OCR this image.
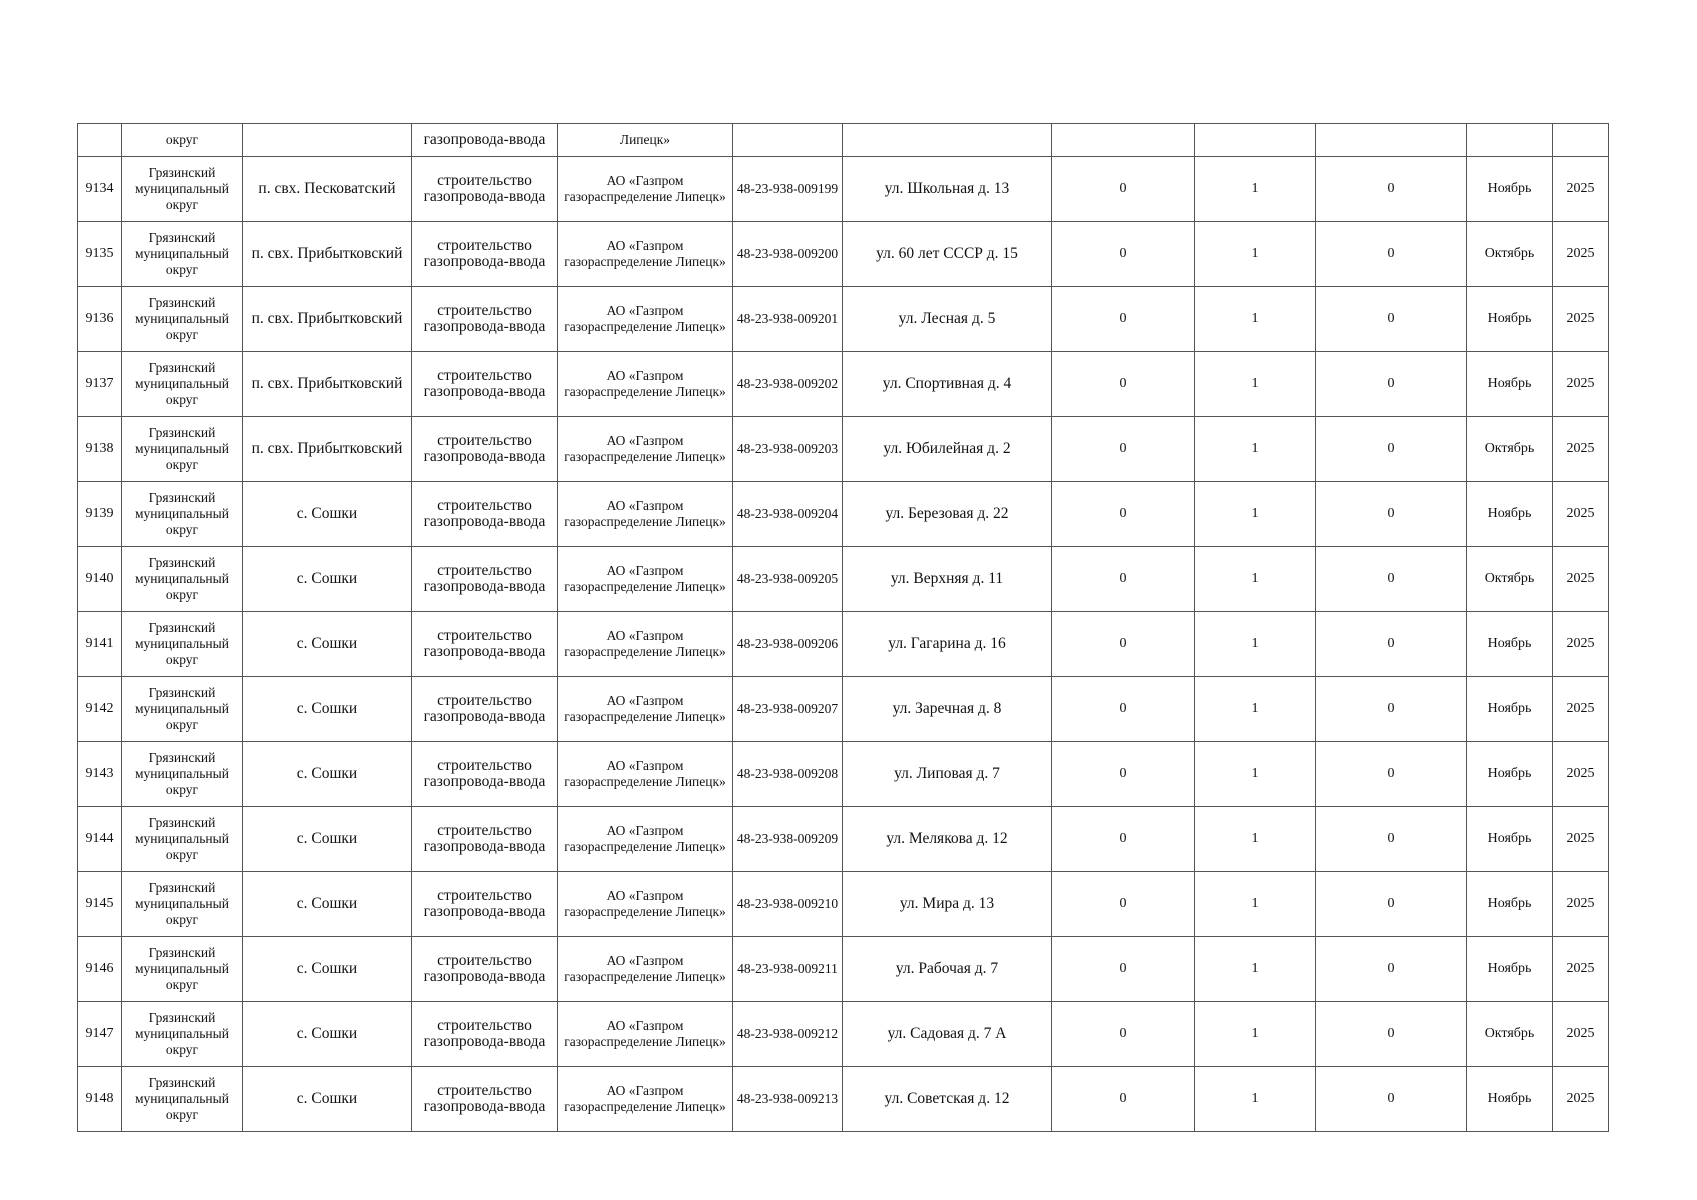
	округ		газопровода-ввода	Липецк»							
9134	Грязинский муниципальный округ	п. свх. Песковатский	строительство газопровода-ввода	АО «Газпром газораспределение Липецк»	48-23-938-009199	ул. Школьная д. 13	0	1	0	Ноябрь	2025
9135	Грязинский муниципальный округ	п. свх. Прибытковский	строительство газопровода-ввода	АО «Газпром газораспределение Липецк»	48-23-938-009200	ул. 60 лет СССР д. 15	0	1	0	Октябрь	2025
9136	Грязинский муниципальный округ	п. свх. Прибытковский	строительство газопровода-ввода	АО «Газпром газораспределение Липецк»	48-23-938-009201	ул. Лесная д. 5	0	1	0	Ноябрь	2025
9137	Грязинский муниципальный округ	п. свх. Прибытковский	строительство газопровода-ввода	АО «Газпром газораспределение Липецк»	48-23-938-009202	ул. Спортивная д. 4	0	1	0	Ноябрь	2025
9138	Грязинский муниципальный округ	п. свх. Прибытковский	строительство газопровода-ввода	АО «Газпром газораспределение Липецк»	48-23-938-009203	ул. Юбилейная д. 2	0	1	0	Октябрь	2025
9139	Грязинский муниципальный округ	с. Сошки	строительство газопровода-ввода	АО «Газпром газораспределение Липецк»	48-23-938-009204	ул. Березовая д. 22	0	1	0	Ноябрь	2025
9140	Грязинский муниципальный округ	с. Сошки	строительство газопровода-ввода	АО «Газпром газораспределение Липецк»	48-23-938-009205	ул. Верхняя д. 11	0	1	0	Октябрь	2025
9141	Грязинский муниципальный округ	с. Сошки	строительство газопровода-ввода	АО «Газпром газораспределение Липецк»	48-23-938-009206	ул. Гагарина д. 16	0	1	0	Ноябрь	2025
9142	Грязинский муниципальный округ	с. Сошки	строительство газопровода-ввода	АО «Газпром газораспределение Липецк»	48-23-938-009207	ул. Заречная д. 8	0	1	0	Ноябрь	2025
9143	Грязинский муниципальный округ	с. Сошки	строительство газопровода-ввода	АО «Газпром газораспределение Липецк»	48-23-938-009208	ул. Липовая д. 7	0	1	0	Ноябрь	2025
9144	Грязинский муниципальный округ	с. Сошки	строительство газопровода-ввода	АО «Газпром газораспределение Липецк»	48-23-938-009209	ул. Мелякова д. 12	0	1	0	Ноябрь	2025
9145	Грязинский муниципальный округ	с. Сошки	строительство газопровода-ввода	АО «Газпром газораспределение Липецк»	48-23-938-009210	ул. Мира д. 13	0	1	0	Ноябрь	2025
9146	Грязинский муниципальный округ	с. Сошки	строительство газопровода-ввода	АО «Газпром газораспределение Липецк»	48-23-938-009211	ул. Рабочая д. 7	0	1	0	Ноябрь	2025
9147	Грязинский муниципальный округ	с. Сошки	строительство газопровода-ввода	АО «Газпром газораспределение Липецк»	48-23-938-009212	ул. Садовая д. 7 А	0	1	0	Октябрь	2025
9148	Грязинский муниципальный округ	с. Сошки	строительство газопровода-ввода	АО «Газпром газораспределение Липецк»	48-23-938-009213	ул. Советская д. 12	0	1	0	Ноябрь	2025
